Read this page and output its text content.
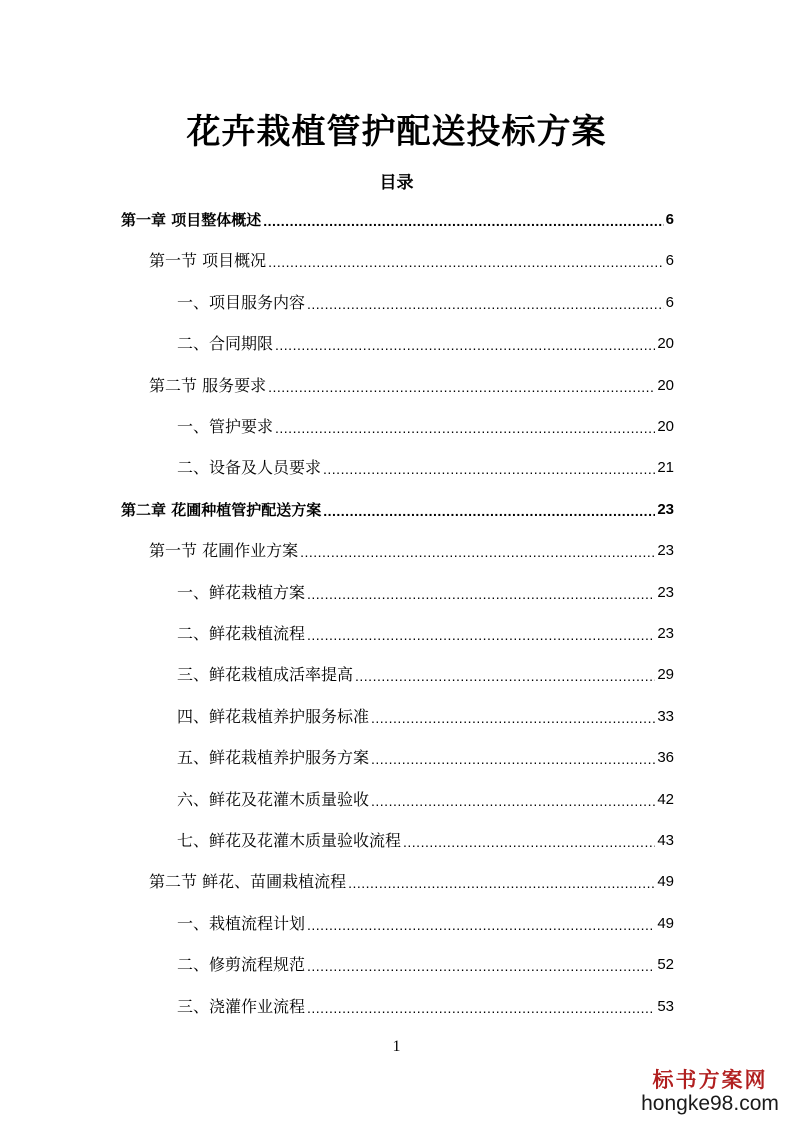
花卉栽植管护配送投标方案
目录
第一章 项目整体概述 .....	6
第一节 项目概况 .....	6
一、项目服务内容 .....	6
二、合同期限 .....	20
第二节 服务要求 .....	20
一、管护要求 .....	20
二、设备及人员要求 .....	21
第二章 花圃种植管护配送方案 .....	23
第一节 花圃作业方案 .....	23
一、鲜花栽植方案 .....	23
二、鲜花栽植流程 .....	23
三、鲜花栽植成活率提高 .....	29
四、鲜花栽植养护服务标准 .....	33
五、鲜花栽植养护服务方案 .....	36
六、鲜花及花灌木质量验收 .....	42
七、鲜花及花灌木质量验收流程 .....	43
第二节 鲜花、苗圃栽植流程 .....	49
一、栽植流程计划 .....	49
二、修剪流程规范 .....	52
三、浇灌作业流程 .....	53
1
标书方案网
hongke98.com
